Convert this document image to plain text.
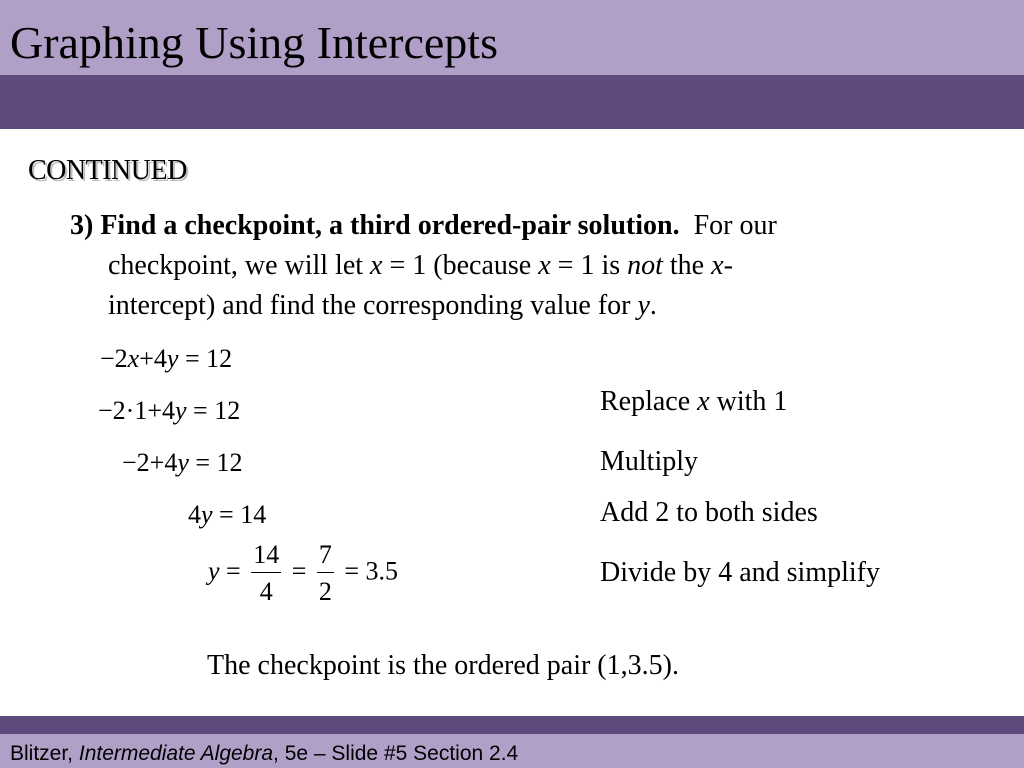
Graphing Using Intercepts
CONTINUED
3) Find a checkpoint, a third ordered-pair solution. For our
checkpoint, we will let x = 1 (because x = 1 is not the x-
intercept) and find the corresponding value for y.
−2x+4y = 12
−2·1+4y = 12
−2+4y = 12
4y = 14
$y = \frac{14}{4} = \frac{7}{2} = 3.5$
Replace x with 1
Multiply
Add 2 to both sides
Divide by 4 and simplify
The checkpoint is the ordered pair (1,3.5).
Blitzer, Intermediate Algebra, 5e – Slide #5 Section 2.4
